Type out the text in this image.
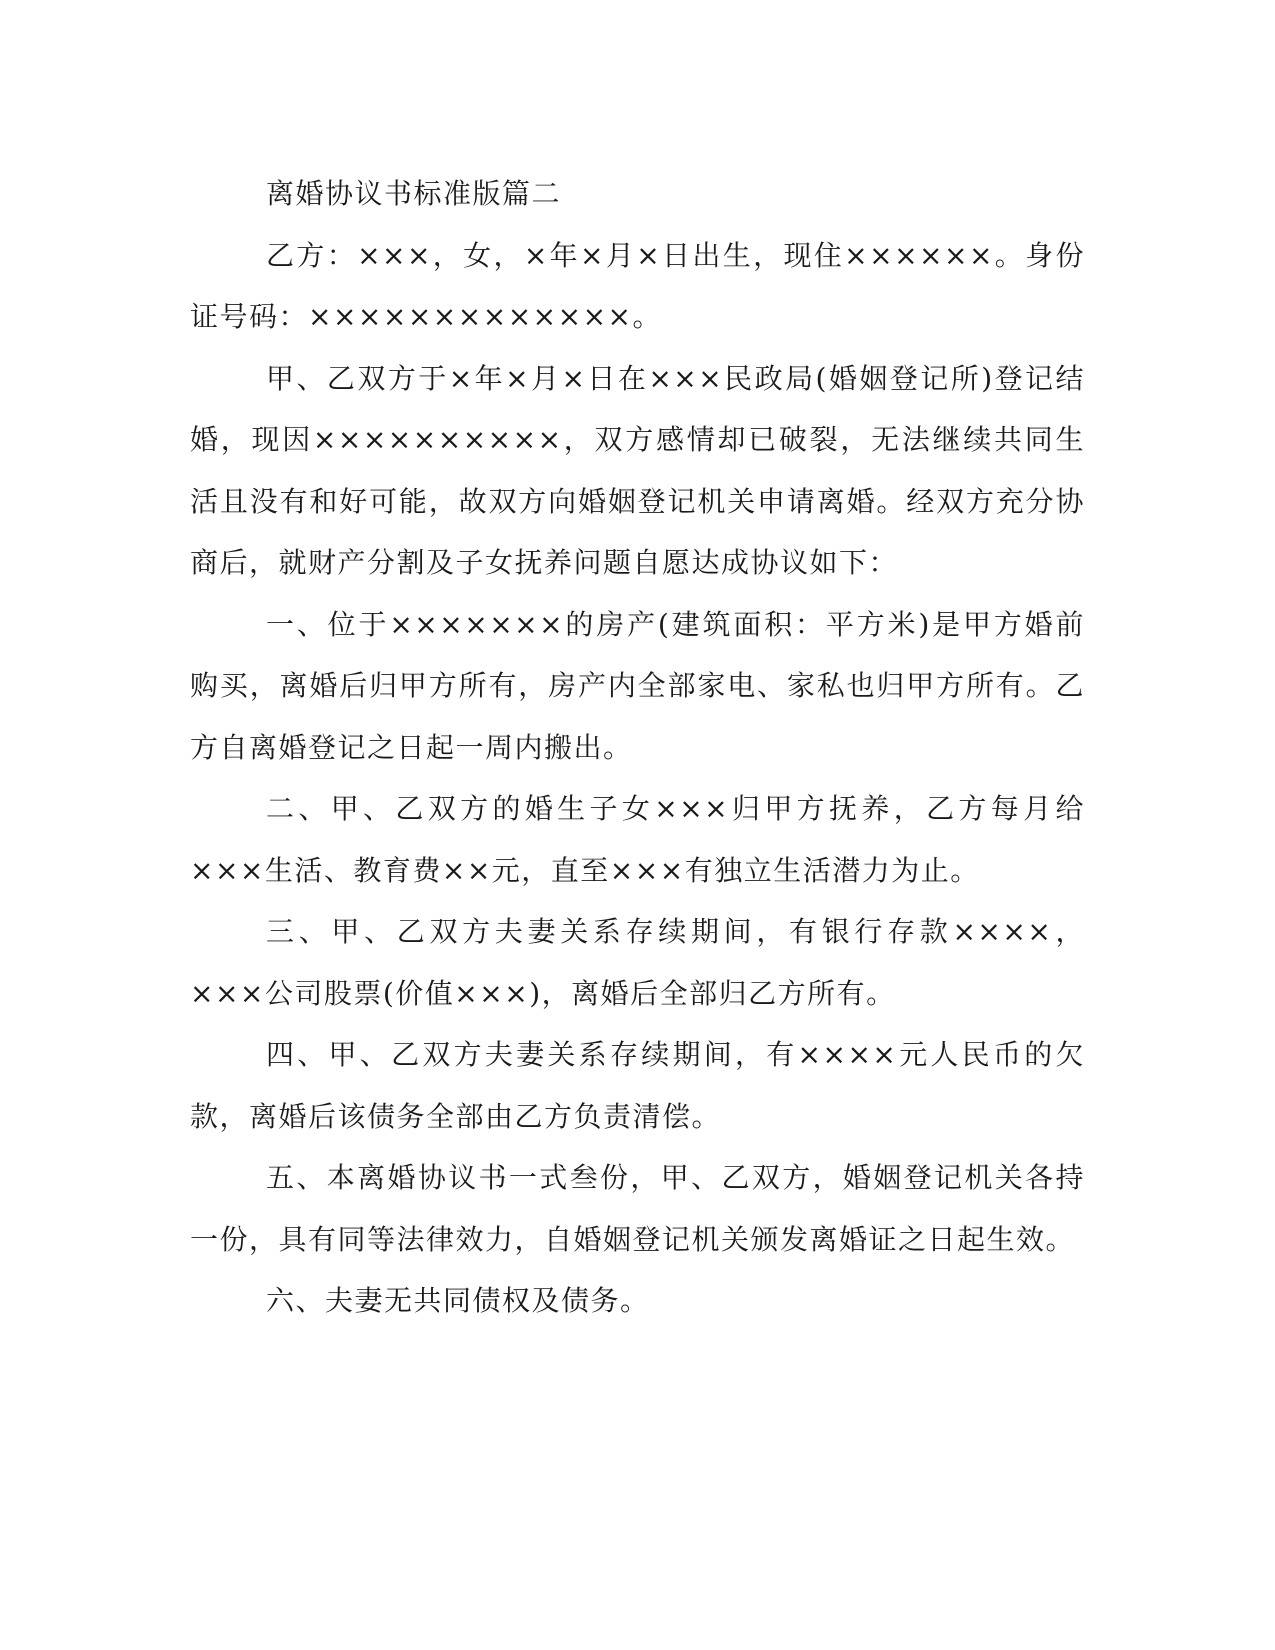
离婚协议书标准版篇二

乙方：×××，女，×年×月×日出生，现住××××××。身份证号码：×××××××××××××。

甲、乙双方于×年×月×日在×××民政局(婚姻登记所)登记结婚，现因××××××××××，双方感情却已破裂，无法继续共同生活且没有和好可能，故双方向婚姻登记机关申请离婚。经双方充分协商后，就财产分割及子女抚养问题自愿达成协议如下：

一、位于×××××××的房产(建筑面积：平方米)是甲方婚前购买，离婚后归甲方所有，房产内全部家电、家私也归甲方所有。乙方自离婚登记之日起一周内搬出。

二、甲、乙双方的婚生子女×××归甲方抚养，乙方每月给×××生活、教育费××元，直至×××有独立生活潜力为止。

三、甲、乙双方夫妻关系存续期间，有银行存款××××，×××公司股票(价值×××)，离婚后全部归乙方所有。

四、甲、乙双方夫妻关系存续期间，有××××元人民币的欠款，离婚后该债务全部由乙方负责清偿。

五、本离婚协议书一式叁份，甲、乙双方，婚姻登记机关各持一份，具有同等法律效力，自婚姻登记机关颁发离婚证之日起生效。

六、夫妻无共同债权及债务。
